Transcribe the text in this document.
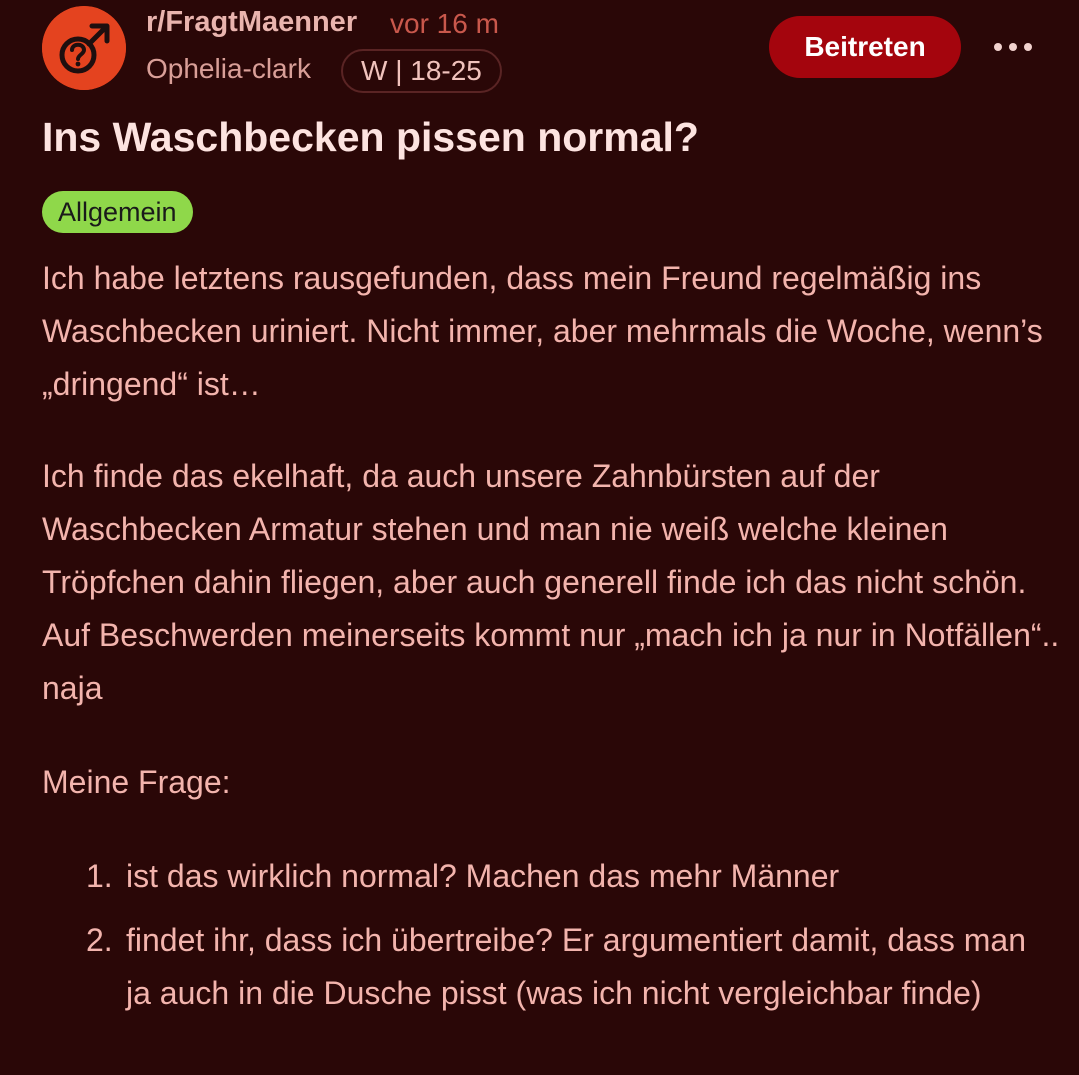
r/FragtMaenner vor 16 m
Ophelia-clark	W | 18-25
Beitreten
Ins Waschbecken pissen normal?
Allgemein

Ich habe letztens rausgefunden, dass mein Freund regelmäßig ins Waschbecken uriniert. Nicht immer, aber mehrmals die Woche, wenn’s „dringend“ ist…

Ich finde das ekelhaft, da auch unsere Zahnbürsten auf der Waschbecken Armatur stehen und man nie weiß welche kleinen Tröpfchen dahin fliegen, aber auch generell finde ich das nicht schön. Auf Beschwerden meinerseits kommt nur „mach ich ja nur in Notfällen“.. naja

Meine Frage:

1. ist das wirklich normal? Machen das mehr Männer
2. findet ihr, dass ich übertreibe? Er argumentiert damit, dass man ja auch in die Dusche pisst (was ich nicht vergleichbar finde)
